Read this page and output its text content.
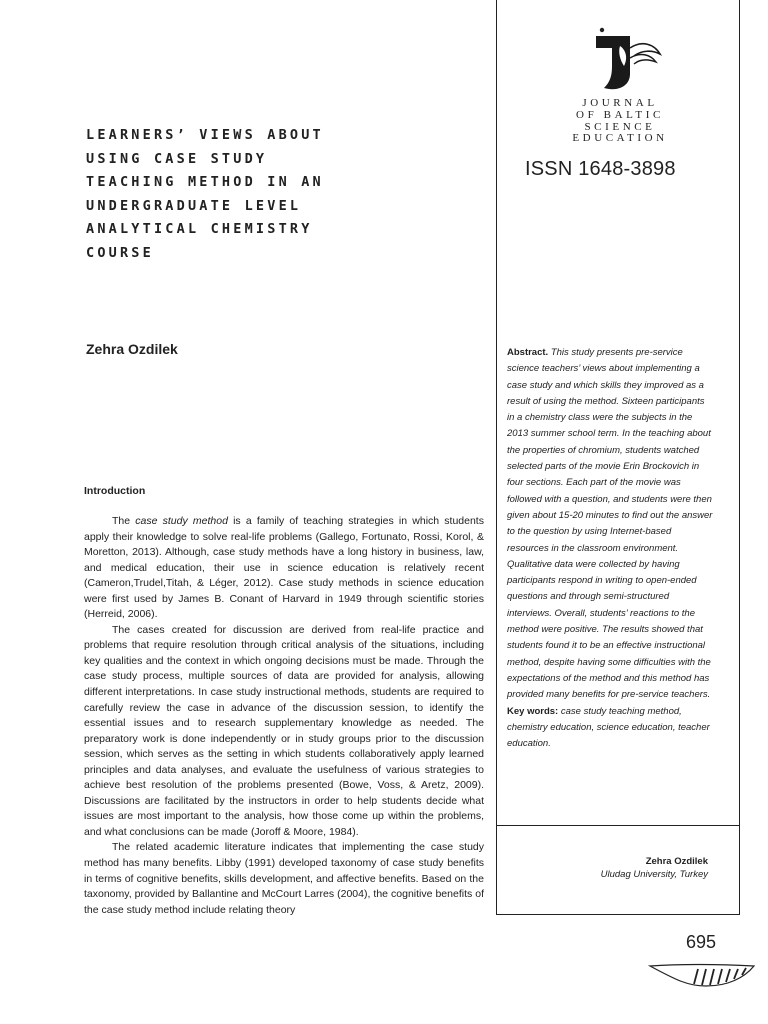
JOURNAL
OF BALTIC
SCIENCE
EDUCATION
ISSN 1648-3898
LEARNERS’ VIEWS ABOUT
USING CASE STUDY
TEACHING METHOD IN AN
UNDERGRADUATE LEVEL
ANALYTICAL CHEMISTRY
COURSE
Zehra Ozdilek	Abstract. This study presents pre-service science teachers’ views about implementing a case study and which skills they improved as a result of using the method. Sixteen participants in a chemistry class were the subjects in the 2013 summer school term. In the teaching about the properties of chromium, students watched selected parts of the movie Erin Brockovich in four sections. Each part of the movie was followed with a question, and students were then given about 15-20 minutes to find out the answer to the question by using Internet-based resources in the classroom environment. Qualitative data were collected by having participants respond in writing to open-ended questions and through semi-structured interviews. Overall, students’ reactions to the method were positive. The results showed that students found it to be an effective instructional method, despite having some difficulties with the expectations of the method and this method has provided many benefits for pre-service teachers.
Key words: case study teaching method, chemistry education, science education, teacher education.
Zehra Ozdilek
Uludag University, Turkey
Introduction

The case study method is a family of teaching strategies in which students apply their knowledge to solve real-life problems (Gallego, Fortunato, Rossi, Korol, & Moretton, 2013). Although, case study methods have a long history in business, law, and medical education, their use in science education is relatively recent (Cameron,Trudel,Titah, & Léger, 2012). Case study methods in science education were first used by James B. Conant of Harvard in 1949 through scientific stories (Herreid, 2006).

The cases created for discussion are derived from real-life practice and problems that require resolution through critical analysis of the situations, including key qualities and the context in which ongoing decisions must be made. Through the case study process, multiple sources of data are provided for analysis, allowing different interpretations. In case study instructional methods, students are required to carefully review the case in advance of the discussion session, to identify the essential issues and to research supplementary knowledge as needed. The preparatory work is done independently or in study groups prior to the discussion session, which serves as the setting in which students collaboratively apply learned principles and data analyses, and evaluate the usefulness of various strategies to achieve best resolution of the problems presented (Bowe, Voss, & Aretz, 2009). Discussions are facilitated by the instructors in order to help students decide what issues are most important to the analysis, how those come up within the problems, and what conclusions can be made (Joroff & Moore, 1984).

The related academic literature indicates that implementing the case study method has many benefits. Libby (1991) developed taxonomy of case study benefits in terms of cognitive benefits, skills development, and affective benefits. Based on the taxonomy, provided by Ballantine and McCourt Larres (2004), the cognitive benefits of the case study method include relating theory

695
